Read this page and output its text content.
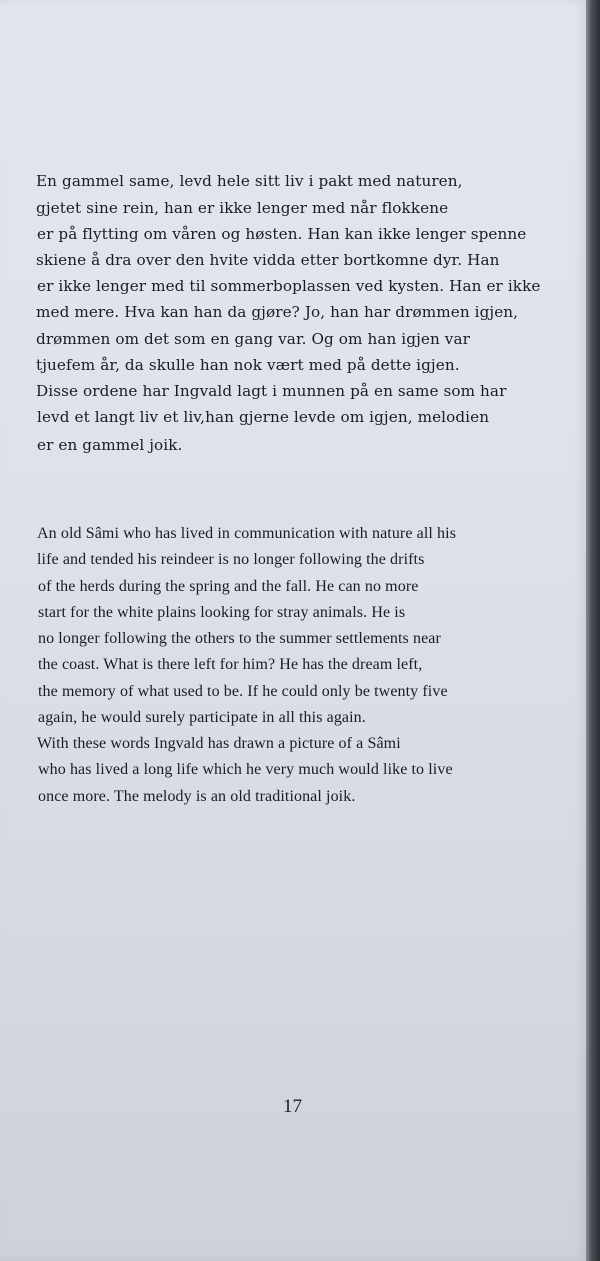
En gammel same, levd hele sitt liv i pakt med naturen,
gjetet sine rein, han er ikke lenger med når flokkene
er på flytting om våren og høsten. Han kan ikke lenger spenne
skiene å dra over den hvite vidda etter bortkomne dyr. Han
er ikke lenger med til sommerboplassen ved kysten. Han er ikke
med mere. Hva kan han da gjøre? Jo, han har drømmen igjen,
drømmen om det som en gang var. Og om han igjen var
tjuefem år, da skulle han nok vært med på dette igjen.
Disse ordene har Ingvald lagt i munnen på en same som har
levd et langt liv et liv,han gjerne levde om igjen, melodien
er en gammel joik.
An old Sâmi who has lived in communication with nature all his
life and tended his reindeer is no longer following the drifts
of the herds during the spring and the fall. He can no more
start for the white plains looking for stray animals. He is
no longer following the others to the summer settlements near
the coast. What is there left for him? He has the dream left,
the memory of what used to be. If he could only be twenty five
again, he would surely participate in all this again.
With these words Ingvald has drawn a picture of a Sâmi
who has lived a long life which he very much would like to live
once more. The melody is an old traditional joik.
17
